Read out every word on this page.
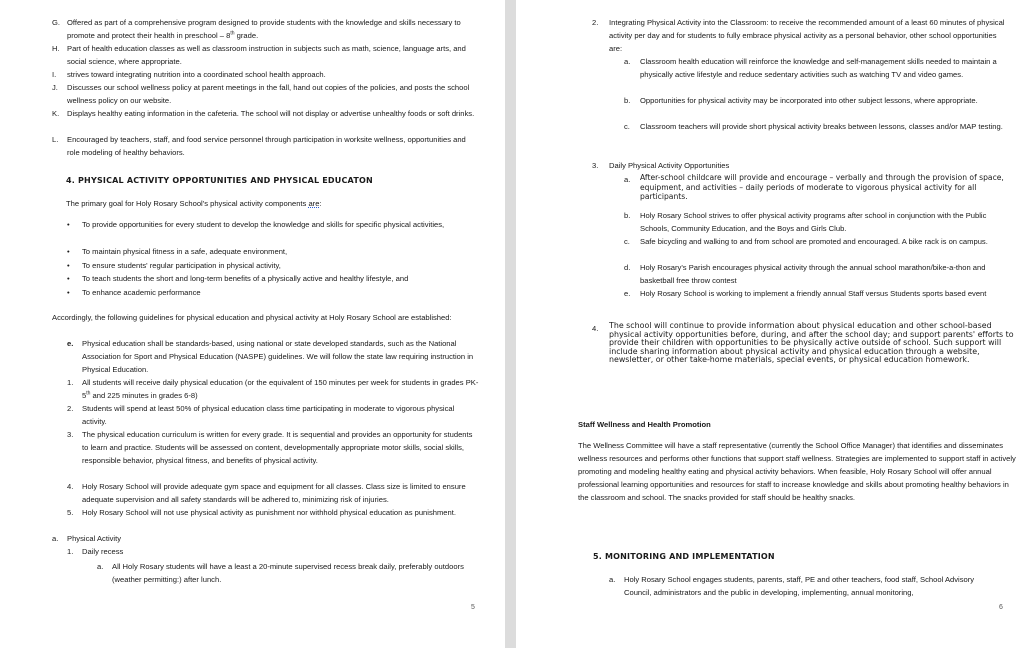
G. Offered as part of a comprehensive program designed to provide students with the knowledge and skills necessary to promote and protect their health in preschool – 8th grade.
H. Part of health education classes as well as classroom instruction in subjects such as math, science, language arts, and social science, where appropriate.
I. strives toward integrating nutrition into a coordinated school health approach.
J. Discusses our school wellness policy at parent meetings in the fall, hand out copies of the policies, and posts the school wellness policy on our website.
K. Displays healthy eating information in the cafeteria. The school will not display or advertise unhealthy foods or soft drinks.
L. Encouraged by teachers, staff, and food service personnel through participation in worksite wellness, opportunities and role modeling of healthy behaviors.
4. PHYSICAL ACTIVITY OPPORTUNITIES AND PHYSICAL EDUCATON
The primary goal for Holy Rosary School's physical activity components are:
• To provide opportunities for every student to develop the knowledge and skills for specific physical activities,
• To maintain physical fitness in a safe, adequate environment,
• To ensure students' regular participation in physical activity,
• To teach students the short and long-term benefits of a physically active and healthy lifestyle, and
• To enhance academic performance
Accordingly, the following guidelines for physical education and physical activity at Holy Rosary School are established:
e. Physical education shall be standards-based, using national or state developed standards, such as the National Association for Sport and Physical Education (NASPE) guidelines. We will follow the state law requiring instruction in Physical Education.
1. All students will receive daily physical education (or the equivalent of 150 minutes per week for students in grades PK-5th and 225 minutes in grades 6-8)
2. Students will spend at least 50% of physical education class time participating in moderate to vigorous physical activity.
3. The physical education curriculum is written for every grade. It is sequential and provides an opportunity for students to learn and practice. Students will be assessed on content, developmentally appropriate motor skills, social skills, responsible behavior, physical fitness, and benefits of physical activity.
4. Holy Rosary School will provide adequate gym space and equipment for all classes. Class size is limited to ensure adequate supervision and all safety standards will be adhered to, minimizing risk of injuries.
5. Holy Rosary School will not use physical activity as punishment nor withhold physical education as punishment.
a. Physical Activity
1. Daily recess
a. All Holy Rosary students will have a least a 20-minute supervised recess break daily, preferably outdoors (weather permitting:) after lunch.
5
2. Integrating Physical Activity into the Classroom: to receive the recommended amount of a least 60 minutes of physical activity per day and for students to fully embrace physical activity as a personal behavior, other school opportunities are:
a. Classroom health education will reinforce the knowledge and self-management skills needed to maintain a physically active lifestyle and reduce sedentary activities such as watching TV and video games.
b. Opportunities for physical activity may be incorporated into other subject lessons, where appropriate.
c. Classroom teachers will provide short physical activity breaks between lessons, classes and/or MAP testing.
3. Daily Physical Activity Opportunities
a. After-school childcare will provide and encourage – verbally and through the provision of space, equipment, and activities – daily periods of moderate to vigorous physical activity for all participants.
b. Holy Rosary School strives to offer physical activity programs after school in conjunction with the Public Schools, Community Education, and the Boys and Girls Club.
c. Safe bicycling and walking to and from school are promoted and encouraged. A bike rack is on campus.
d. Holy Rosary's Parish encourages physical activity through the annual school marathon/bike-a-thon and basketball free throw contest
e. Holy Rosary School is working to implement a friendly annual Staff versus Students sports based event
4. The school will continue to provide information about physical education and other school-based physical activity opportunities before, during, and after the school day; and support parents' efforts to provide their children with opportunities to be physically active outside of school. Such support will include sharing information about physical activity and physical education through a website, newsletter, or other take-home materials, special events, or physical education homework.
Staff Wellness and Health Promotion
The Wellness Committee will have a staff representative (currently the School Office Manager) that identifies and disseminates wellness resources and performs other functions that support staff wellness. Strategies are implemented to support staff in actively promoting and modeling healthy eating and physical activity behaviors. When feasible, Holy Rosary School will offer annual professional learning opportunities and resources for staff to increase knowledge and skills about promoting healthy behaviors in the classroom and school. The snacks provided for staff should be healthy snacks.
5. MONITORING AND IMPLEMENTATION
a. Holy Rosary School engages students, parents, staff, PE and other teachers, food staff, School Advisory Council, administrators and the public in developing, implementing, annual monitoring,
6
